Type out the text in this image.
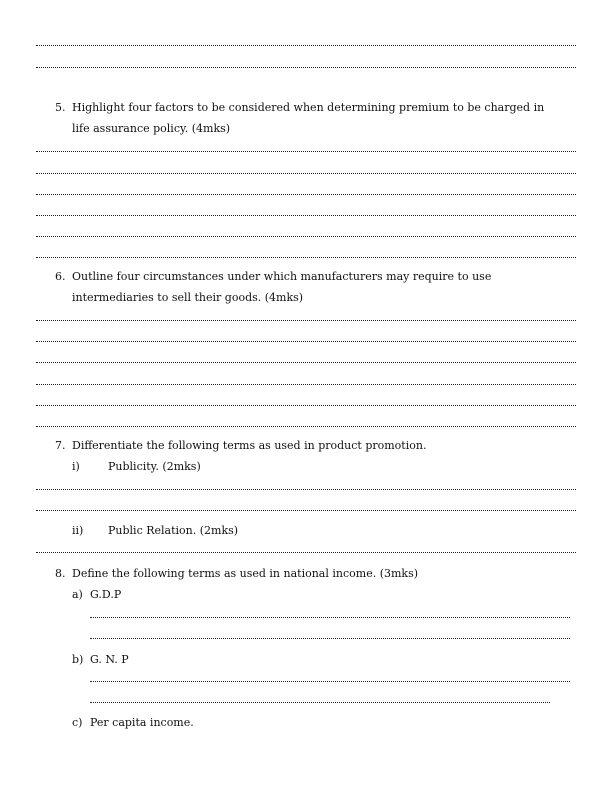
5. Highlight four factors to be considered when determining premium to be charged in
life assurance policy. (4mks)
6. Outline four circumstances under which manufacturers may require to use
intermediaries to sell their goods. (4mks)
7. Differentiate the following terms as used in product promotion.
i)	Publicity. (2mks)
ii) Public Relation. (2mks)
8. Define the following terms as used in national income. (3mks)
a) G.D.P
b) G. N. P
c) Per capita income.
